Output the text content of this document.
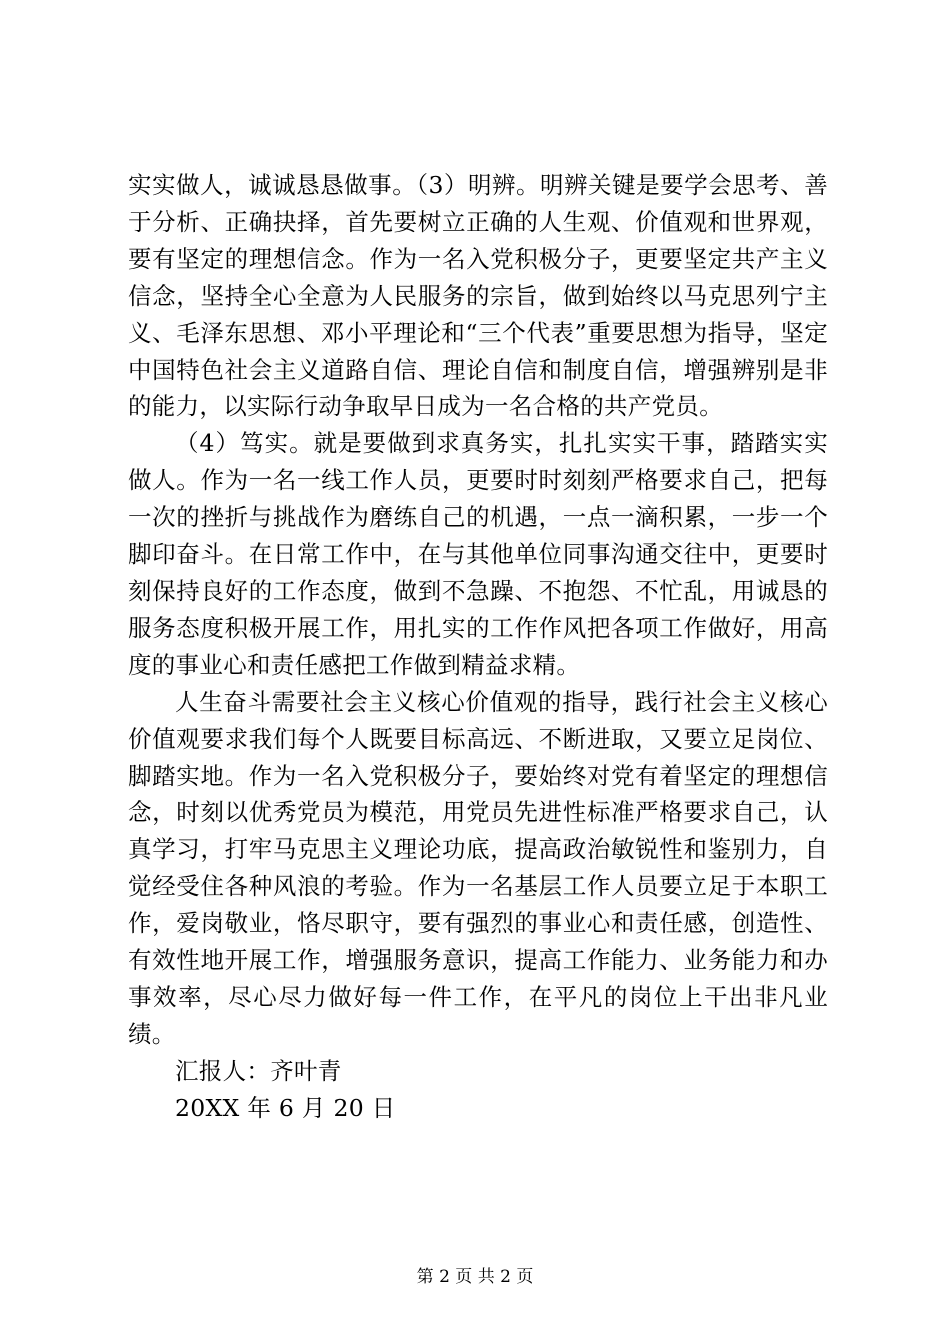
实实做人，诚诚恳恳做事。（3）明辨。明辨关键是要学会思考、善于分析、正确抉择，首先要树立正确的人生观、价值观和世界观，要有坚定的理想信念。作为一名入党积极分子，更要坚定共产主义信念，坚持全心全意为人民服务的宗旨，做到始终以马克思列宁主义、毛泽东思想、邓小平理论和“三个代表”重要思想为指导，坚定中国特色社会主义道路自信、理论自信和制度自信，增强辨别是非的能力，以实际行动争取早日成为一名合格的共产党员。

（4）笃实。就是要做到求真务实，扎扎实实干事，踏踏实实做人。作为一名一线工作人员，更要时时刻刻严格要求自己，把每一次的挫折与挑战作为磨练自己的机遇，一点一滴积累，一步一个脚印奋斗。在日常工作中，在与其他单位同事沟通交往中，更要时刻保持良好的工作态度，做到不急躁、不抱怨、不忙乱，用诚恳的服务态度积极开展工作，用扎实的工作作风把各项工作做好，用高度的事业心和责任感把工作做到精益求精。

人生奋斗需要社会主义核心价值观的指导，践行社会主义核心价值观要求我们每个人既要目标高远、不断进取，又要立足岗位、脚踏实地。作为一名入党积极分子，要始终对党有着坚定的理想信念，时刻以优秀党员为模范，用党员先进性标准严格要求自己，认真学习，打牢马克思主义理论功底，提高政治敏锐性和鉴别力，自觉经受住各种风浪的考验。作为一名基层工作人员要立足于本职工作，爱岗敬业，恪尽职守，要有强烈的事业心和责任感，创造性、有效性地开展工作，增强服务意识，提高工作能力、业务能力和办事效率，尽心尽力做好每一件工作，在平凡的岗位上干出非凡业绩。

汇报人：齐叶青

20XX 年 6 月 20 日

第 2 页 共 2 页
